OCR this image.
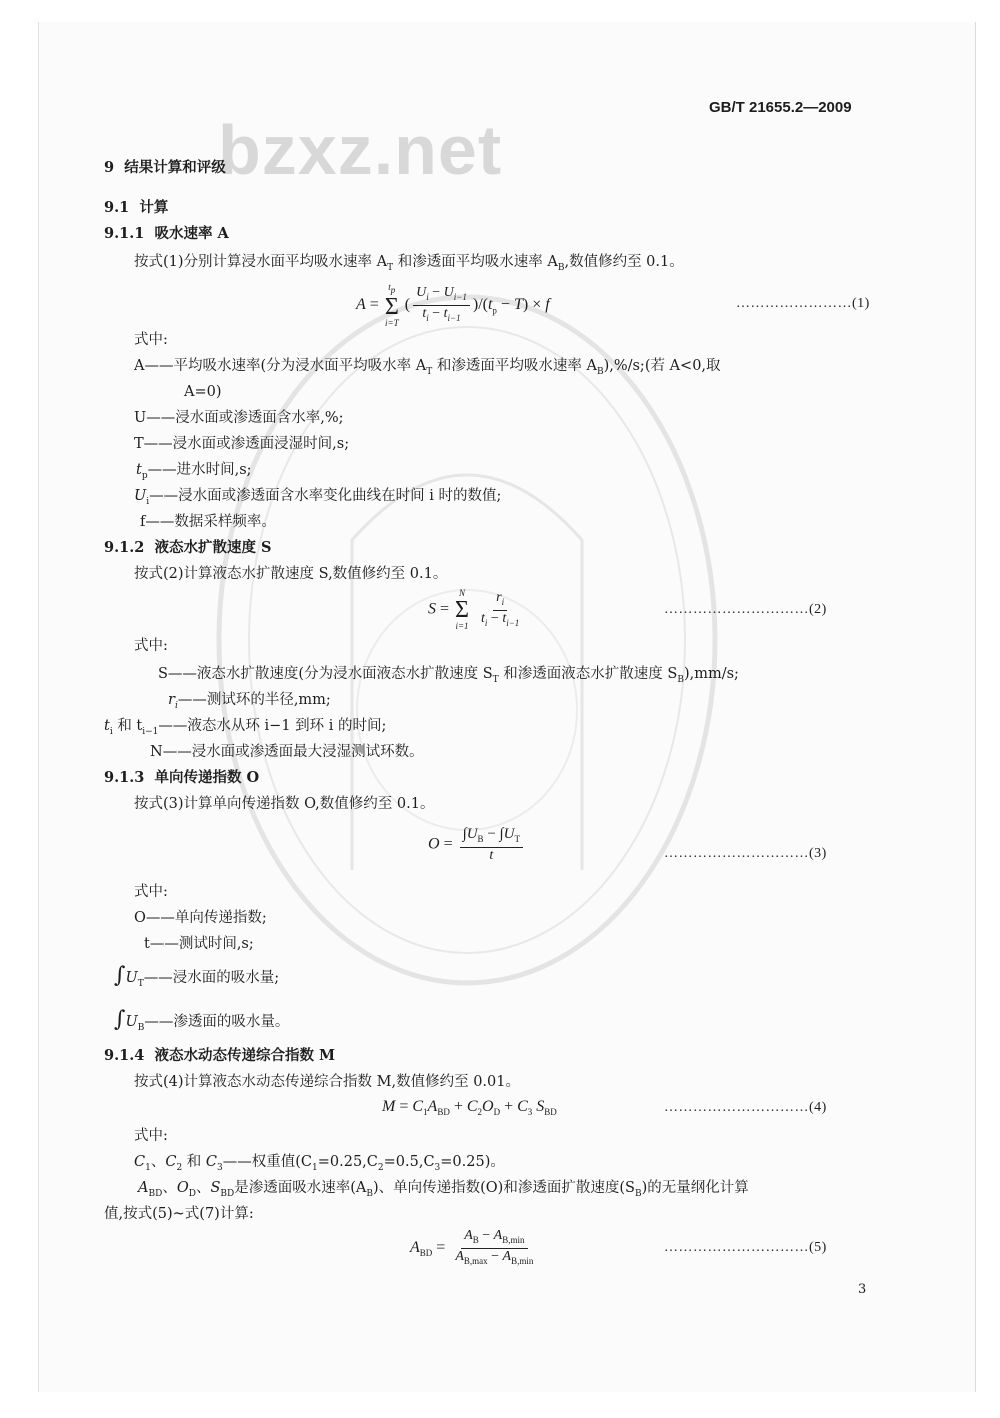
bzxz.net
GB/T 21655.2—2009
9 结果计算和评级
9.1 计算
9.1.1 吸水速率 A
按式(1)分别计算浸水面平均吸水速率 $A_T$ 和渗透面平均吸水速率 $A_B$,数值修约至 0.1。
A =
$t_p$
Σ
i=T
( $\frac{U_i - U_{i-1}}{t_i - t_{i-1}} )/(t_p - T) \times f$	……………………(1)
式中:
A——平均吸水速率(分为浸水面平均吸水率 $A_T$ 和渗透面平均吸水速率 $A_B),\%/s$;(若 A<0,取
A=0)
U——浸水面或渗透面含水率,%;
T——浸水面或渗透面浸湿时间,s;
$t_p——$进水时间,s;
$U_i——$浸水面或渗透面含水率变化曲线在时间 i 时的数值;
f——数据采样频率。
9.1.2 液态水扩散速度 S
按式(2)计算液态水扩散速度 S,数值修约至 0.1。
S =
N
Σ
i=1
$\frac{r_i}{t_i - t_{i-1}}$	…………………………(2)
式中:
S——液态水扩散速度(分为浸水面液态水扩散速度 $S_T$ 和渗透面液态水扩散速度 $S_B),mm/s$;
$r_i——$测试环的半径,mm;
$t_i$ 和 $t_{i-1}——$液态水从环 i−1 到环 i 的时间;
N——浸水面或渗透面最大浸湿测试环数。
9.1.3 单向传递指数 O
按式(3)计算单向传递指数 O,数值修约至 0.1。
$O = \frac{\int U_B - \int U_T}{t}$	…………………………(3)
式中:
O——单向传递指数;
t——测试时间,s;
$\int U_T——$浸水面的吸水量;
$\int U_B——$渗透面的吸水量。
9.1.4 液态水动态传递综合指数 M
按式(4)计算液态水动态传递综合指数 M,数值修约至 0.01。
$M = C_1A_{BD} + C_2O_D + C_3$ $S_{BD}$	…………………………(4)
式中:
$C_1$、$C_2$ 和 $C_3——$权重值$(C_1=0.25,C_2=0.5,C_3=0.25)$。
$A_{BD}$、$O_D$、$S_{BD}$是渗透面吸水速率$(A_B)$、单向传递指数(O)和渗透面扩散速度$(S_B)$的无量纲化计算
值,按式(5)~式(7)计算:
$A_{BD} = \frac{A_B - A_{B,min}}{A_{B,max} - A_{B,min}}$	…………………………(5)
3
